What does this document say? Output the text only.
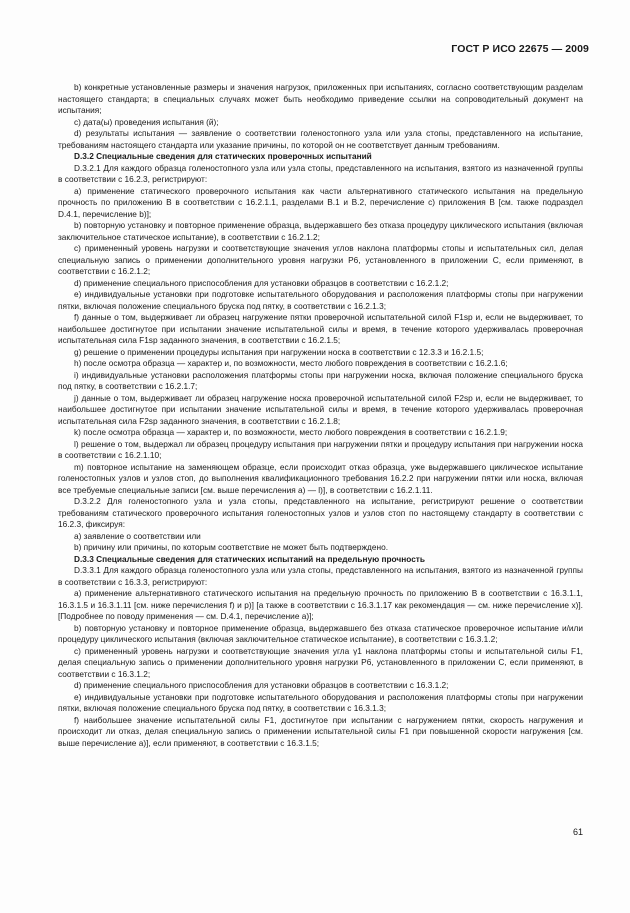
ГОСТ Р ИСО 22675 — 2009

b) конкретные установленные размеры и значения нагрузок, приложенных при испытаниях, согласно соответствующим разделам настоящего стандарта; в специальных случаях может быть необходимо приведение ссылки на сопроводительный документ на испытания;

c) дата(ы) проведения испытания (й);

d) результаты испытания — заявление о соответствии голеностопного узла или узла стопы, представленного на испытание, требованиям настоящего стандарта или указание причины, по которой он не соответствует данным требованиям.

D.3.2 Специальные сведения для статических проверочных испытаний

D.3.2.1 Для каждого образца голеностопного узла или узла стопы, представленного на испытания, взятого из назначенной группы в соответствии с 16.2.3, регистрируют:

a) применение статического проверочного испытания как части альтернативного статического испытания на предельную прочность по приложению В в соответствии с 16.2.1.1, разделами В.1 и В.2, перечисление с) приложения В [см. также подраздел D.4.1, перечисление b)];

b) повторную установку и повторное применение образца, выдержавшего без отказа процедуру циклического испытания (включая заключительное статическое испытание), в соответствии с 16.2.1.2;

c) примененный уровень нагрузки и соответствующие значения углов наклона платформы стопы и испытательных сил, делая специальную запись о применении дополнительного уровня нагрузки Р6, установленного в приложении С, если применяют, в соответствии с 16.2.1.2;

d) применение специального приспособления для установки образцов в соответствии с 16.2.1.2;

e) индивидуальные установки при подготовке испытательного оборудования и расположения платформы стопы при нагружении пятки, включая положение специального бруска под пятку, в соответствии с 16.2.1.3;

f) данные о том, выдерживает ли образец нагружение пятки проверочной испытательной силой F1sp и, если не выдерживает, то наибольшее достигнутое при испытании значение испытательной силы и время, в течение которого удерживалась проверочная испытательная сила F1sp заданного значения, в соответствии с 16.2.1.5;

g) решение о применении процедуры испытания при нагружении носка в соответствии с 12.3.3 и 16.2.1.5;

h) после осмотра образца — характер и, по возможности, место любого повреждения в соответствии с 16.2.1.6;

i) индивидуальные установки расположения платформы стопы при нагружении носка, включая положение специального бруска под пятку, в соответствии с 16.2.1.7;

j) данные о том, выдерживает ли образец нагружение носка проверочной испытательной силой F2sp и, если не выдерживает, то наибольшее достигнутое при испытании значение испытательной силы и время, в течение которого удерживалась проверочная испытательная сила F2sp заданного значения, в соответствии с 16.2.1.8;

k) после осмотра образца — характер и, по возможности, место любого повреждения в соответствии с 16.2.1.9;

l) решение о том, выдержал ли образец процедуру испытания при нагружении пятки и процедуру испытания при нагружении носка в соответствии с 16.2.1.10;

m) повторное испытание на заменяющем образце, если происходит отказ образца, уже выдержавшего циклическое испытание голеностопных узлов и узлов стоп, до выполнения квалификационного требования 16.2.2 при нагружении пятки или носка, включая все требуемые специальные записи [см. выше перечисления а) — l)], в соответствии с 16.2.1.11.

D.3.2.2 Для голеностопного узла и узла стопы, представленного на испытание, регистрируют решение о соответствии требованиям статического проверочного испытания голеностопных узлов и узлов стоп по настоящему стандарту в соответствии с 16.2.3, фиксируя:

a) заявление о соответствии или

b) причину или причины, по которым соответствие не может быть подтверждено.

D.3.3 Специальные сведения для статических испытаний на предельную прочность

D.3.3.1 Для каждого образца голеностопного узла или узла стопы, представленного на испытания, взятого из назначенной группы в соответствии с 16.3.3, регистрируют:

a) применение альтернативного статического испытания на предельную прочность по приложению В в соответствии с 16.3.1.1, 16.3.1.5 и 16.3.1.11 [см. ниже перечисления f) и p)] [а также в соответствии с 16.3.1.17 как рекомендация — см. ниже перечисление x)]. [Подробнее по поводу применения — см. D.4.1, перечисление а)];

b) повторную установку и повторное применение образца, выдержавшего без отказа статическое проверочное испытание и/или процедуру циклического испытания (включая заключительное статическое испытание), в соответствии с 16.3.1.2;

c) примененный уровень нагрузки и соответствующие значения угла γ1 наклона платформы стопы и испытательной силы F1, делая специальную запись о применении дополнительного уровня нагрузки Р6, установленного в приложении С, если применяют, в соответствии с 16.3.1.2;

d) применение специального приспособления для установки образцов в соответствии с 16.3.1.2;

e) индивидуальные установки при подготовке испытательного оборудования и расположения платформы стопы при нагружении пятки, включая положение специального бруска под пятку, в соответствии с 16.3.1.3;

f) наибольшее значение испытательной силы F1, достигнутое при испытании с нагружением пятки, скорость нагружения и происходит ли отказ, делая специальную запись о применении испытательной силы F1 при повышенной скорости нагружения [см. выше перечисление а)], если применяют, в соответствии с 16.3.1.5;

61
